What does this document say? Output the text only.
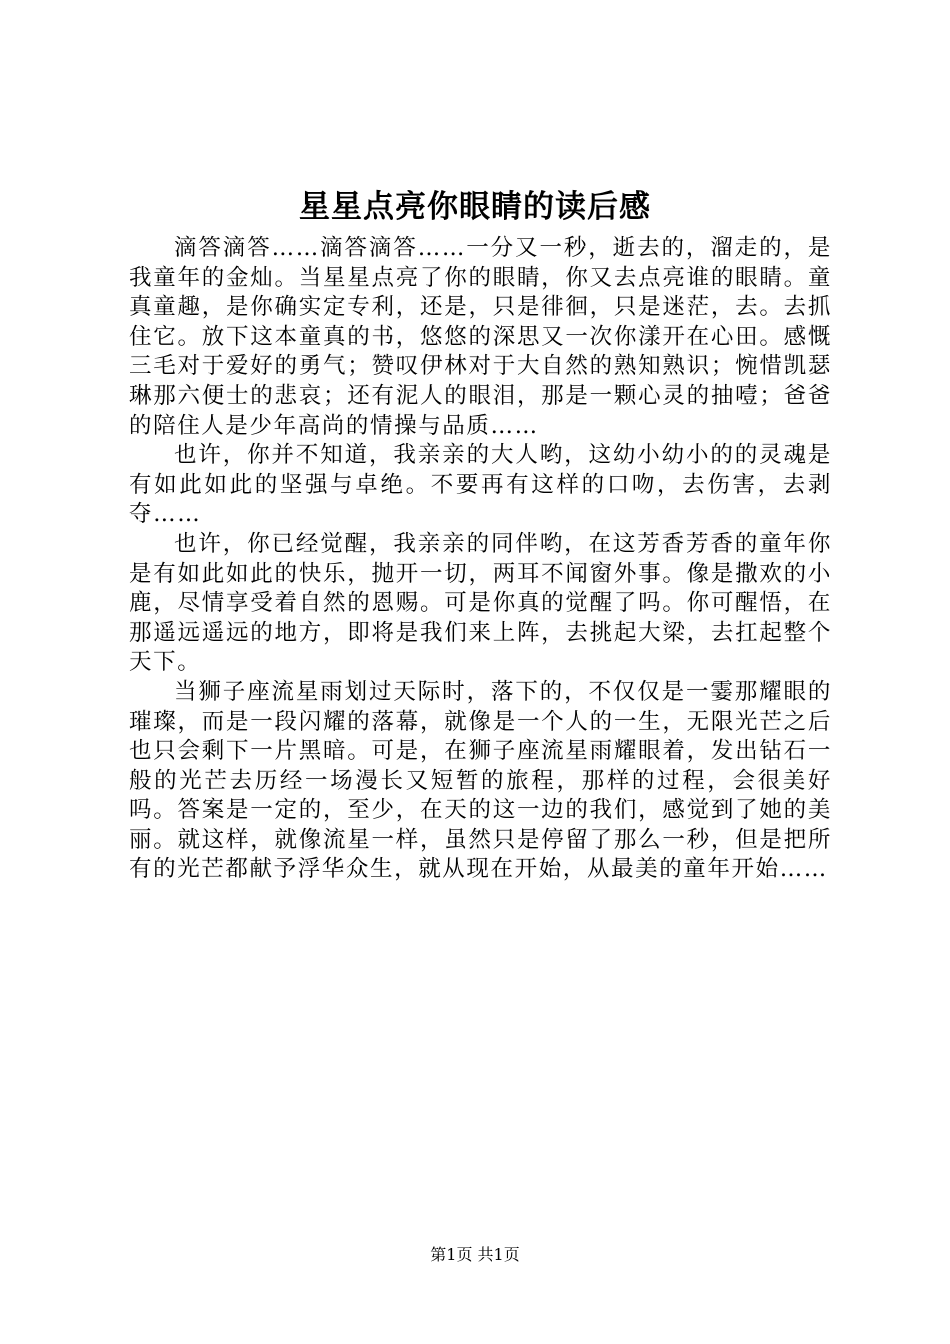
星星点亮你眼睛的读后感

滴答滴答……滴答滴答……一分又一秒，逝去的，溜走的，是我童年的金灿。当星星点亮了你的眼睛，你又去点亮谁的眼睛。童真童趣，是你确实定专利，还是，只是徘徊，只是迷茫，去。去抓住它。放下这本童真的书，悠悠的深思又一次你漾开在心田。感慨三毛对于爱好的勇气；赞叹伊林对于大自然的熟知熟识；惋惜凯瑟琳那六便士的悲哀；还有泥人的眼泪，那是一颗心灵的抽噎；爸爸的陪住人是少年高尚的情操与品质……

也许，你并不知道，我亲亲的大人哟，这幼小幼小的的灵魂是有如此如此的坚强与卓绝。不要再有这样的口吻，去伤害，去剥夺……

也许，你已经觉醒，我亲亲的同伴哟，在这芳香芳香的童年你是有如此如此的快乐，抛开一切，两耳不闻窗外事。像是撒欢的小鹿，尽情享受着自然的恩赐。可是你真的觉醒了吗。你可醒悟，在那遥远遥远的地方，即将是我们来上阵，去挑起大梁，去扛起整个天下。

当狮子座流星雨划过天际时，落下的，不仅仅是一霎那耀眼的璀璨，而是一段闪耀的落幕，就像是一个人的一生，无限光芒之后也只会剩下一片黑暗。可是，在狮子座流星雨耀眼着，发出钻石一般的光芒去历经一场漫长又短暂的旅程，那样的过程，会很美好吗。答案是一定的，至少，在天的这一边的我们，感觉到了她的美丽。就这样，就像流星一样，虽然只是停留了那么一秒，但是把所有的光芒都献予浮华众生，就从现在开始，从最美的童年开始……

第1页 共1页
